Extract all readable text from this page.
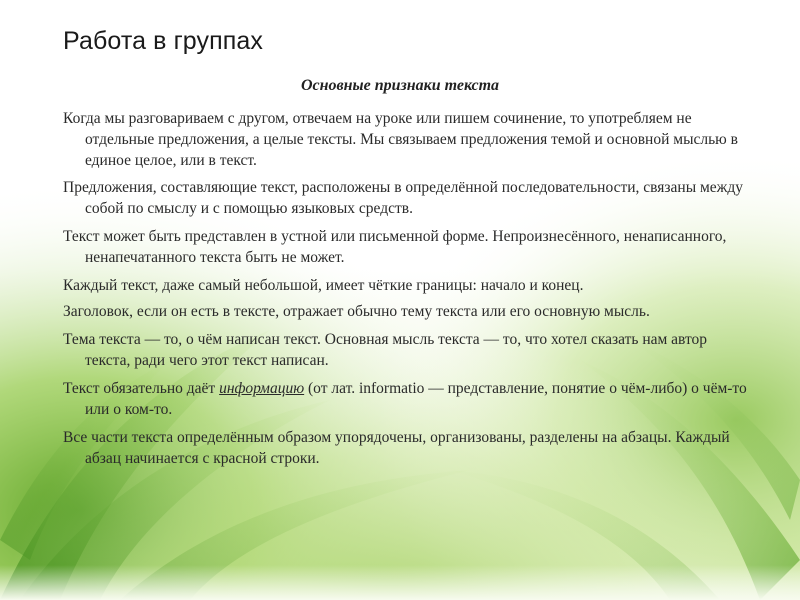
Работа в группах
Основные признаки текста

Когда мы разговариваем с другом, отвечаем на уроке или пишем сочинение, то употребляем не отдельные предложения, а целые тексты. Мы связываем предложения темой и основной мыслью в единое целое, или в текст.

Предложения, составляющие текст, расположены в определённой последовательности, связаны между собой по смыслу и с помощью языковых средств.

Текст может быть представлен в устной или письменной форме. Непроизнесённого, ненаписанного, ненапечатанного текста быть не может.

Каждый текст, даже самый небольшой, имеет чёткие границы: начало и конец.

Заголовок, если он есть в тексте, отражает обычно тему текста или его основную мысль.

Тема текста — то, о чём написан текст. Основная мысль текста — то, что хотел сказать нам автор текста, ради чего этот текст написан.

Текст обязательно даёт информацию (от лат. informatio — представление, понятие о чём-либо) о чём-то или о ком-то.

Все части текста определённым образом упорядочены, организованы, разделены на абзацы. Каждый абзац начинается с красной строки.
